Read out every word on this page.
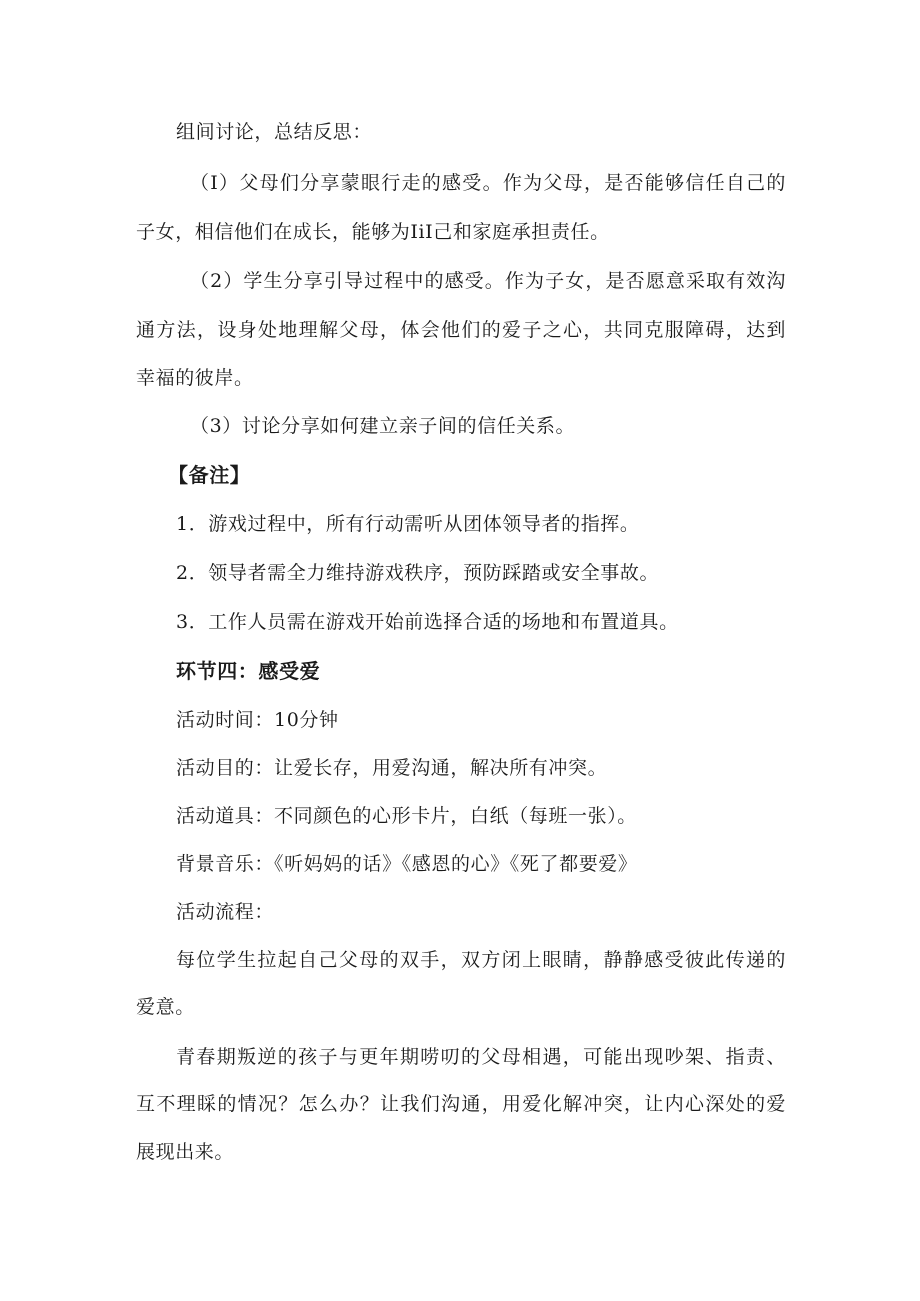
组间讨论，总结反思：
（I）父母们分享蒙眼行走的感受。作为父母，是否能够信任自己的
子女，相信他们在成长，能够为IⅰI己和家庭承担责任。
（2）学生分享引导过程中的感受。作为子女，是否愿意采取有效沟
通方法，设身处地理解父母，体会他们的爱子之心，共同克服障碍，达到
幸福的彼岸。
（3）讨论分享如何建立亲子间的信任关系。
【备注】
1．游戏过程中，所有行动需听从团体领导者的指挥。
2．领导者需全力维持游戏秩序，预防踩踏或安全事故。
3．工作人员需在游戏开始前选择合适的场地和布置道具。
环节四：感受爱
活动时间：10分钟
活动目的：让爱长存，用爱沟通，解决所有冲突。
活动道具：不同颜色的心形卡片，白纸（每班一张）。
背景音乐：《听妈妈的话》《感恩的心》《死了都要爱》
活动流程：
每位学生拉起自己父母的双手，双方闭上眼睛，静静感受彼此传递的
爱意。
青春期叛逆的孩子与更年期唠叨的父母相遇，可能出现吵架、指责、
互不理睬的情况？怎么办？让我们沟通，用爱化解冲突，让内心深处的爱
展现出来。
